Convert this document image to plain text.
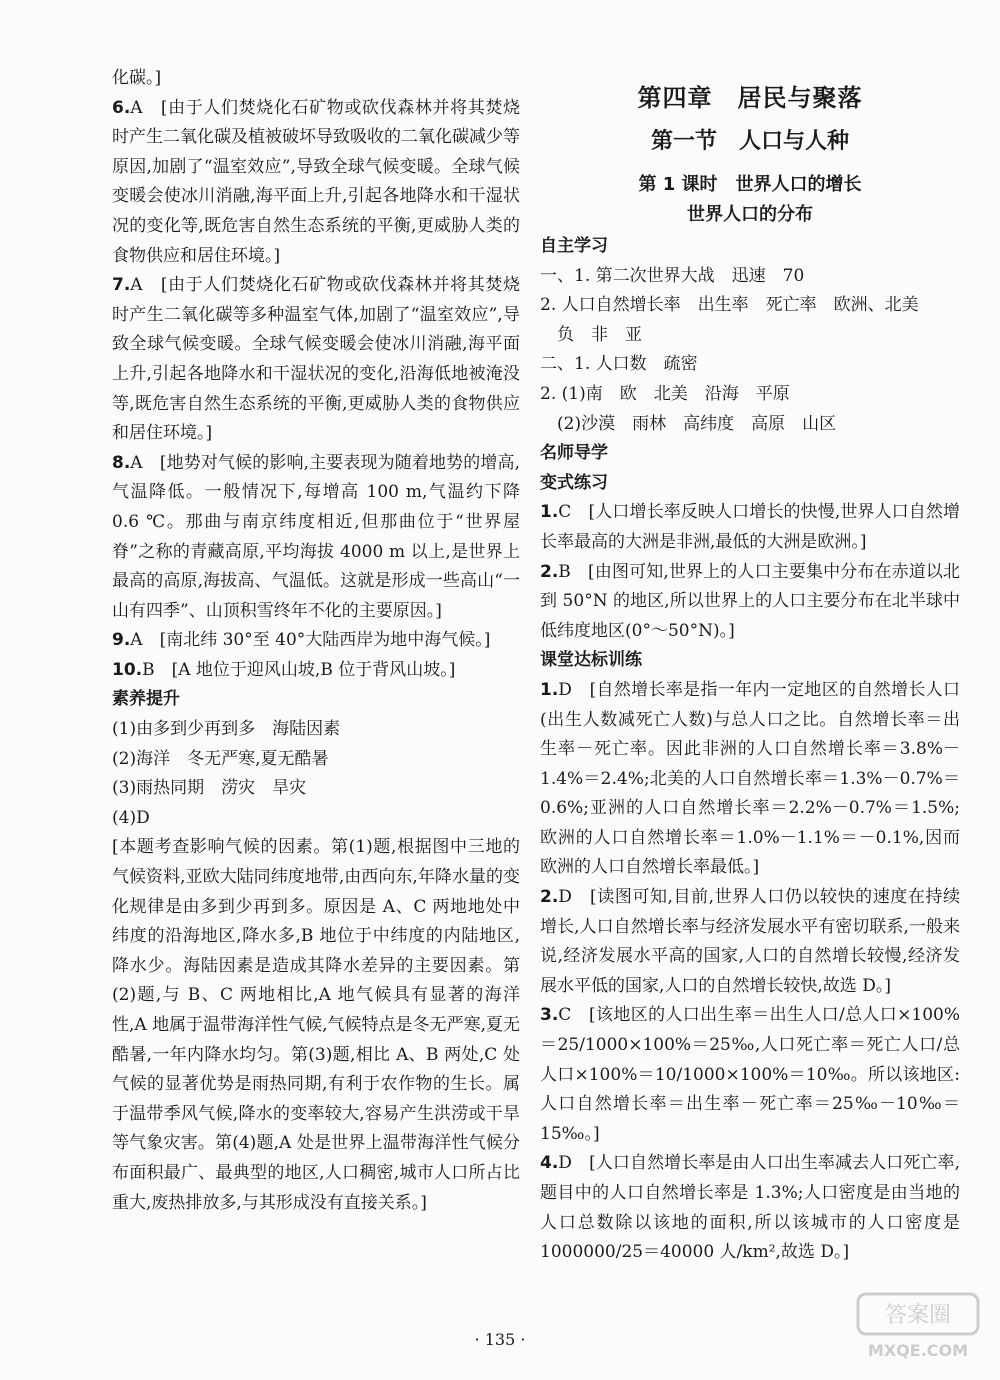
化碳。]

6.A　[由于人们焚烧化石矿物或砍伐森林并将其焚烧时产生二氧化碳及植被破坏导致吸收的二氧化碳减少等原因,加剧了“温室效应”,导致全球气候变暖。全球气候变暖会使冰川消融,海平面上升,引起各地降水和干湿状况的变化等,既危害自然生态系统的平衡,更威胁人类的食物供应和居住环境。]

7.A　[由于人们焚烧化石矿物或砍伐森林并将其焚烧时产生二氧化碳等多种温室气体,加剧了“温室效应”,导致全球气候变暖。全球气候变暖会使冰川消融,海平面上升,引起各地降水和干湿状况的变化,沿海低地被淹没等,既危害自然生态系统的平衡,更威胁人类的食物供应和居住环境。]

8.A　[地势对气候的影响,主要表现为随着地势的增高,气温降低。一般情况下,每增高 100 m,气温约下降 0.6 ℃。那曲与南京纬度相近,但那曲位于“世界屋脊”之称的青藏高原,平均海拔 4000 m 以上,是世界上最高的高原,海拔高、气温低。这就是形成一些高山“一山有四季”、山顶积雪终年不化的主要原因。]

9.A　[南北纬 30°至 40°大陆西岸为地中海气候。]

10.B　[A 地位于迎风山坡,B 位于背风山坡。]

素养提升

(1)由多到少再到多　海陆因素

(2)海洋　冬无严寒,夏无酷暑

(3)雨热同期　涝灾　旱灾

(4)D

[本题考查影响气候的因素。第(1)题,根据图中三地的气候资料,亚欧大陆同纬度地带,由西向东,年降水量的变化规律是由多到少再到多。原因是 A、C 两地地处中纬度的沿海地区,降水多,B 地位于中纬度的内陆地区,降水少。海陆因素是造成其降水差异的主要因素。第(2)题,与 B、C 两地相比,A 地气候具有显著的海洋性,A 地属于温带海洋性气候,气候特点是冬无严寒,夏无酷暑,一年内降水均匀。第(3)题,相比 A、B 两处,C 处气候的显著优势是雨热同期,有利于农作物的生长。属于温带季风气候,降水的变率较大,容易产生洪涝或干旱等气象灾害。第(4)题,A 处是世界上温带海洋性气候分布面积最广、最典型的地区,人口稠密,城市人口所占比重大,废热排放多,与其形成没有直接关系。]

第四章　居民与聚落
第一节　人口与人种
第 1 课时　世界人口的增长
世界人口的分布

自主学习

一、1. 第二次世界大战　迅速　70

2. 人口自然增长率　出生率　死亡率　欧洲、北美

　负　非　亚

二、1. 人口数　疏密

2. (1)南　欧　北美　沿海　平原

　(2)沙漠　雨林　高纬度　高原　山区

名师导学

变式练习

1.C　[人口增长率反映人口增长的快慢,世界人口自然增长率最高的大洲是非洲,最低的大洲是欧洲。]

2.B　[由图可知,世界上的人口主要集中分布在赤道以北到 50°N 的地区,所以世界上的人口主要分布在北半球中低纬度地区(0°～50°N)。]

课堂达标训练

1.D　[自然增长率是指一年内一定地区的自然增长人口(出生人数减死亡人数)与总人口之比。自然增长率＝出生率－死亡率。因此非洲的人口自然增长率＝3.8%－1.4%＝2.4%;北美的人口自然增长率＝1.3%－0.7%＝0.6%;亚洲的人口自然增长率＝2.2%－0.7%＝1.5%;欧洲的人口自然增长率＝1.0%－1.1%＝－0.1%,因而欧洲的人口自然增长率最低。]

2.D　[读图可知,目前,世界人口仍以较快的速度在持续增长,人口自然增长率与经济发展水平有密切联系,一般来说,经济发展水平高的国家,人口的自然增长较慢,经济发展水平低的国家,人口的自然增长较快,故选 D。]

3.C　[该地区的人口出生率＝出生人口/总人口×100%＝25/1000×100%＝25‰,人口死亡率＝死亡人口/总人口×100%＝10/1000×100%＝10‰。所以该地区:人口自然增长率＝出生率－死亡率＝25‰－10‰＝15‰。]

4.D　[人口自然增长率是由人口出生率减去人口死亡率,题目中的人口自然增长率是 1.3%;人口密度是由当地的人口总数除以该地的面积,所以该城市的人口密度是 1000000/25＝40000 人/km²,故选 D。]

· 135 ·
答案圈
MXQE.COM
